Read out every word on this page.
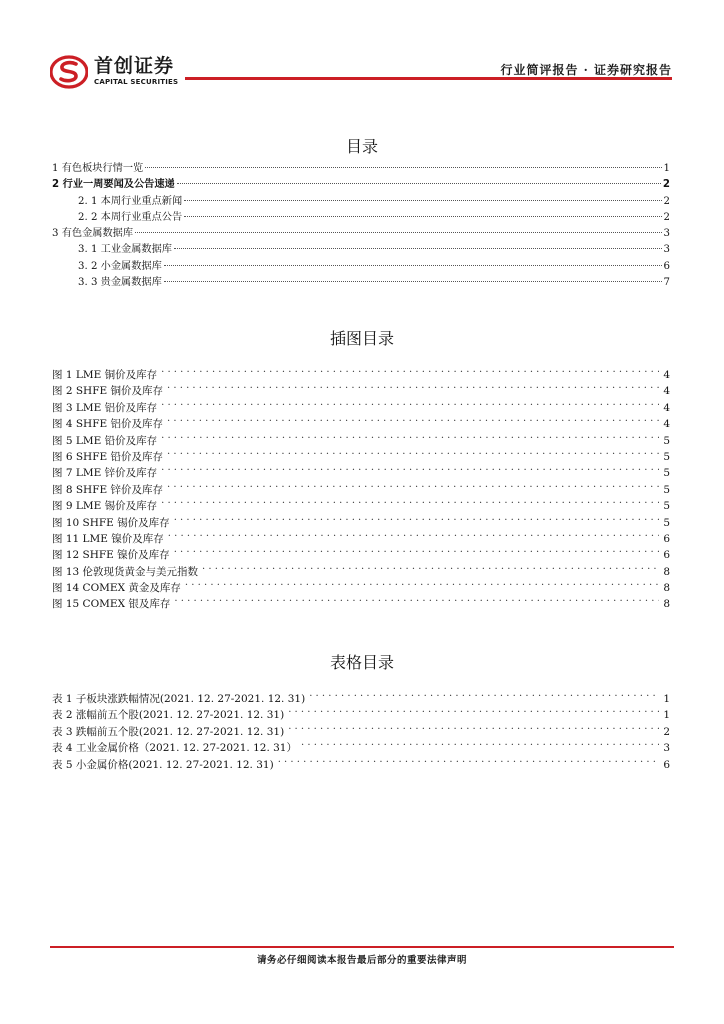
首创证券
CAPITAL SECURITIES
行业简评报告 · 证券研究报告
目录
1 有色板块行情一览	1
2 行业一周要闻及公告速递	2
2. 1 本周行业重点新闻	2
2. 2 本周行业重点公告	2
3 有色金属数据库	3
3. 1 工业金属数据库	3
3. 2 小金属数据库	6
3. 3 贵金属数据库	7
插图目录
图 1 LME 铜价及库存 . . .	4
图 2 SHFE 铜价及库存 . . .	4
图 3 LME 铝价及库存 . . .	4
图 4 SHFE 铝价及库存 . . .	4
图 5 LME 铅价及库存 . . .	5
图 6 SHFE 铅价及库存 . . .	5
图 7 LME 锌价及库存 . . .	5
图 8 SHFE 锌价及库存 . . .	5
图 9 LME 锡价及库存 . . .	5
图 10 SHFE 锡价及库存 . . .	5
图 11 LME 镍价及库存 . . .	6
图 12 SHFE 镍价及库存 . . .	6
图 13 伦敦现货黄金与美元指数 . . .	8
图 14 COMEX 黄金及库存 . . .	8
图 15 COMEX 银及库存 . . .	8
表格目录
表 1 子板块涨跌幅情况(2021. 12. 27-2021. 12. 31) . . .	1
表 2 涨幅前五个股(2021. 12. 27-2021. 12. 31) . . .	1
表 3 跌幅前五个股(2021. 12. 27-2021. 12. 31) . . .	2
表 4 工业金属价格（2021. 12. 27-2021. 12. 31） . . .	3
表 5 小金属价格(2021. 12. 27-2021. 12. 31) . . .	6
请务必仔细阅读本报告最后部分的重要法律声明
